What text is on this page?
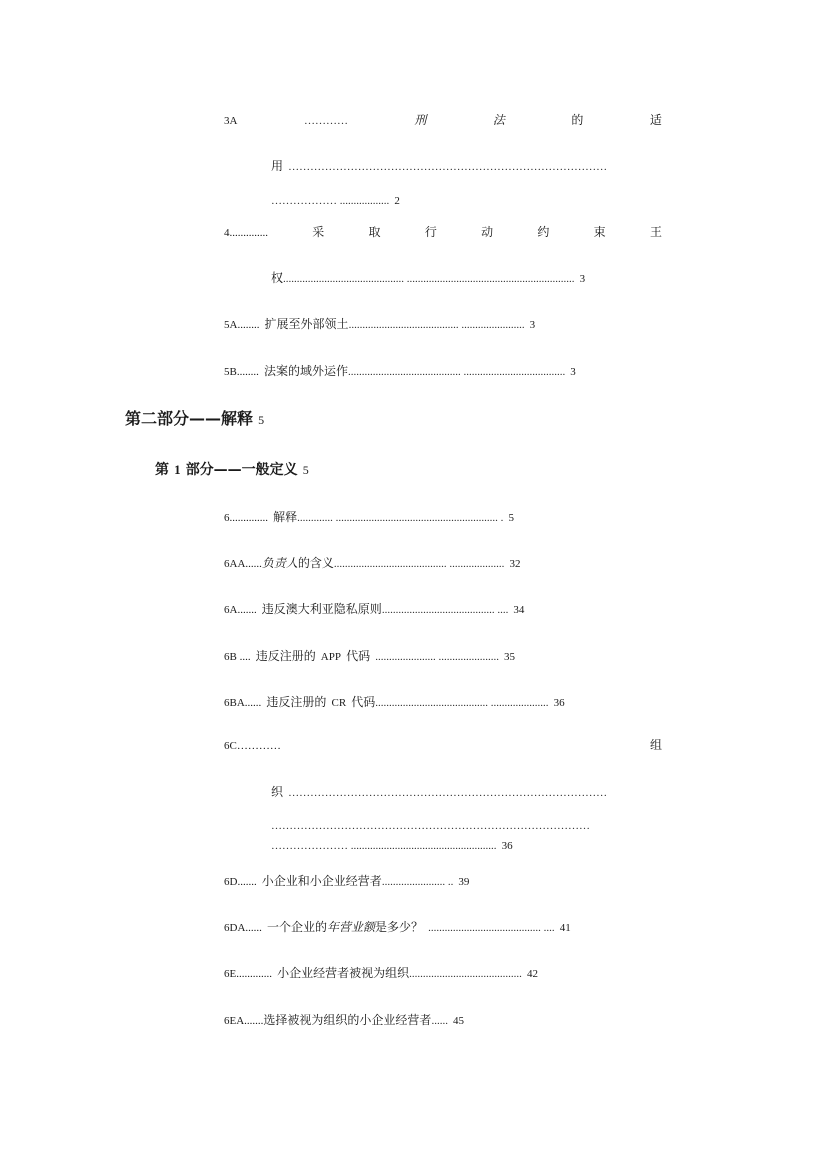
3A	…………	刑	法	的	适
用 ……………………………………………………………………………
……………… .................. 2
4..............	采	取	行	动	约	束	王
权............................................ ............................................................. 3
5A........ 扩展至外部领土........................................ ....................... 3
5B........ 法案的域外运作......................................... ..................................... 3
第二部分——解释 5
第 1 部分——一般定义 5
6.............. 解释............. ........................................................... . 5
6AA......负责人的含义......................................... .................... 32
6A....... 违反澳大利亚隐私原则......................................... .... 34
6B .... 违反注册的 APP 代码 ...................... ...................... 35
6BA...... 违反注册的 CR 代码......................................... ..................... 36
6C…………	组
织 ……………………………………………………………………………
……………………………………………………………………………
………………… ..................................................... 36
6D....... 小企业和小企业经营者....................... .. 39
6DA...... 一个企业的年营业额是多少？ ......................................... .... 41
6E............. 小企业经营者被视为组织......................................... 42
6EA.......选择被视为组织的小企业经营者...... 45
